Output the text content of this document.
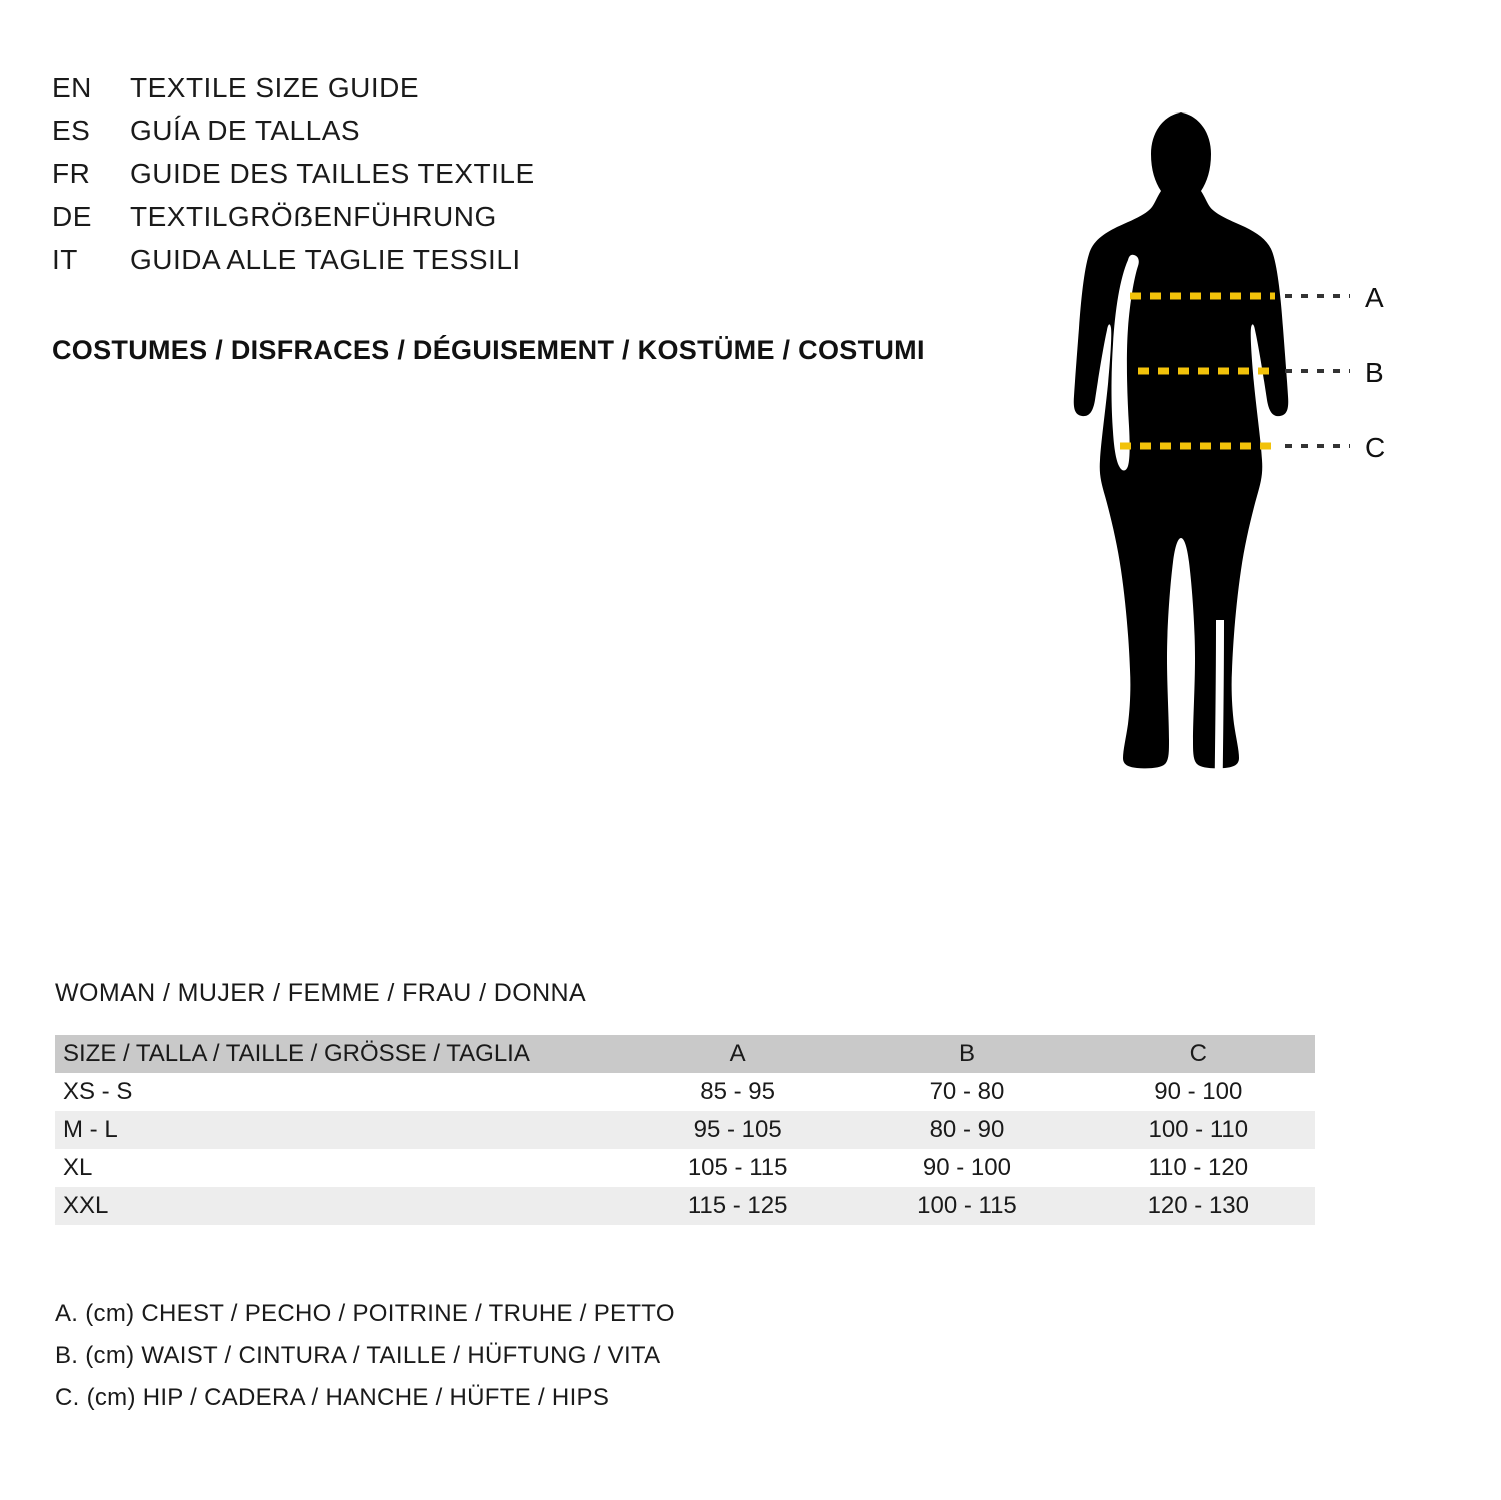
EN	TEXTILE SIZE GUIDE
ES	GUÍA DE TALLAS
FR	GUIDE DES TAILLES TEXTILE
DE	TEXTILGRÖẞENFÜHRUNG
IT	GUIDA ALLE TAGLIE TESSILI
COSTUMES / DISFRACES / DÉGUISEMENT / KOSTÜME / COSTUMI
A
B
C
WOMAN / MUJER / FEMME / FRAU / DONNA
SIZE / TALLA / TAILLE / GRÖSSE / TAGLIA	A	B	C
XS - S	85 - 95	70 - 80	90 - 100
M - L	95 - 105	80 - 90	100 - 110
XL	105 - 115	90 - 100	110 - 120
XXL	115 - 125	100 - 115	120 - 130
A. (cm) CHEST / PECHO / POITRINE / TRUHE / PETTO
B. (cm) WAIST / CINTURA / TAILLE / HÜFTUNG / VITA
C. (cm) HIP / CADERA / HANCHE / HÜFTE / HIPS
